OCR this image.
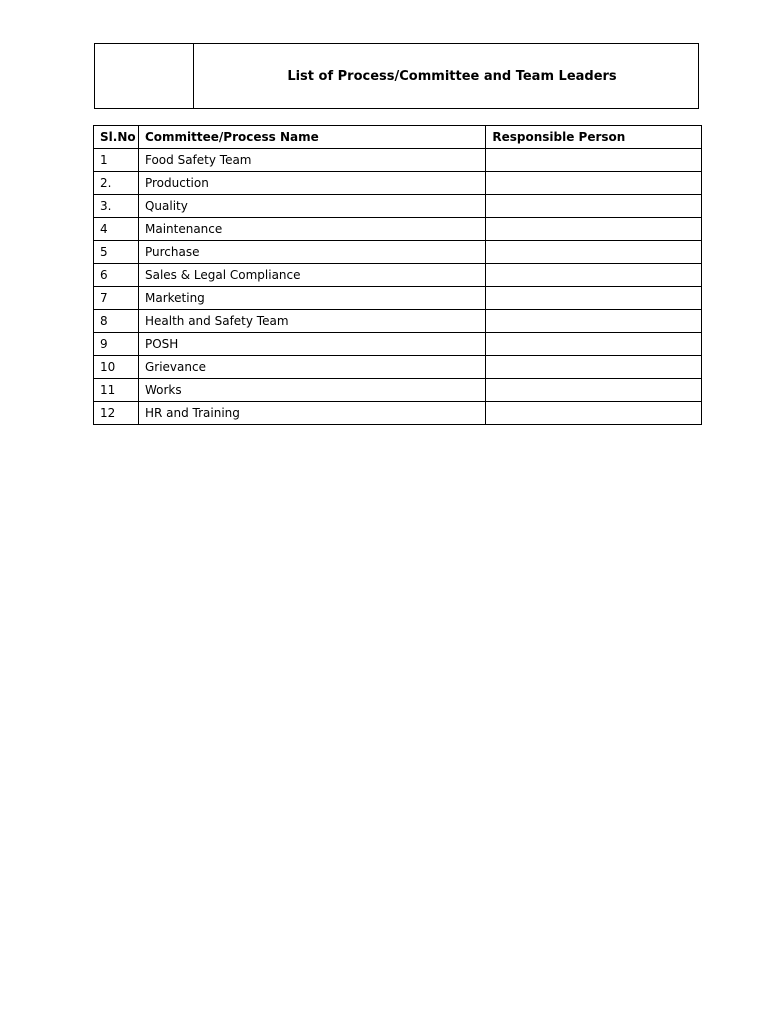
List of Process/Committee and Team Leaders
Sl.No	Committee/Process Name	Responsible Person
1	Food Safety Team	
2.	Production	
3.	Quality	
4	Maintenance	
5	Purchase	
6	Sales & Legal Compliance	
7	Marketing	
8	Health and Safety Team	
9	POSH	
10	Grievance	
11	Works	
12	HR and Training	
